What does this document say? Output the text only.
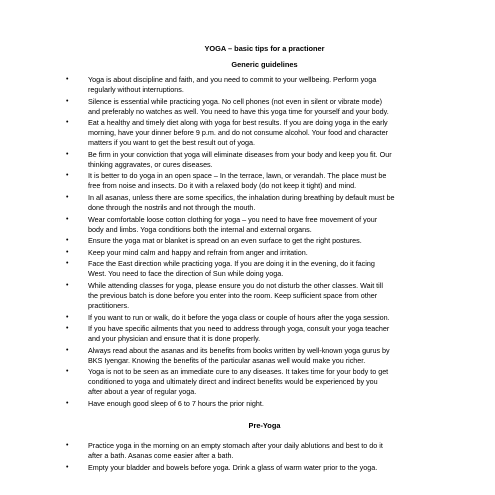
YOGA – basic tips for a practioner
Generic guidelines
•	Yoga is about discipline and faith, and you need to commit to your wellbeing. Perform yoga
regularly without interruptions.
•	Silence is essential while practicing yoga. No cell phones (not even in silent or vibrate mode)
and preferably no watches as well. You need to have this yoga time for yourself and your body.
•	Eat a healthy and timely diet along with yoga for best results. If you are doing yoga in the early
morning, have your dinner before 9 p.m. and do not consume alcohol. Your food and character
matters if you want to get the best result out of yoga.
•	Be firm in your conviction that yoga will eliminate diseases from your body and keep you fit. Our
thinking aggravates, or cures diseases.
•	It is better to do yoga in an open space – In the terrace, lawn, or verandah. The place must be
free from noise and insects. Do it with a relaxed body (do not keep it tight) and mind.
•	In all asanas, unless there are some specifics, the inhalation during breathing by default must be
done through the nostrils and not through the mouth.
•	Wear comfortable loose cotton clothing for yoga – you need to have free movement of your
body and limbs. Yoga conditions both the internal and external organs.
•	Ensure the yoga mat or blanket is spread on an even surface to get the right postures.
•	Keep your mind calm and happy and refrain from anger and irritation.
•	Face the East direction while practicing yoga. If you are doing it in the evening, do it facing
West. You need to face the direction of Sun while doing yoga.
•	While attending classes for yoga, please ensure you do not disturb the other classes. Wait till
the previous batch is done before you enter into the room. Keep sufficient space from other
practitioners.
•	If you want to run or walk, do it before the yoga class or couple of hours after the yoga session.
•	If you have specific ailments that you need to address through yoga, consult your yoga teacher
and your physician and ensure that it is done properly.
•	Always read about the asanas and its benefits from books written by well-known yoga gurus by
BKS Iyengar. Knowing the benefits of the particular asanas well would make you richer.
•	Yoga is not to be seen as an immediate cure to any diseases. It takes time for your body to get
conditioned to yoga and ultimately direct and indirect benefits would be experienced by you
after about a year of regular yoga.
•	Have enough good sleep of 6 to 7 hours the prior night.
Pre-Yoga
•	Practice yoga in the morning on an empty stomach after your daily ablutions and best to do it
after a bath. Asanas come easier after a bath.
•	Empty your bladder and bowels before yoga. Drink a glass of warm water prior to the yoga.
